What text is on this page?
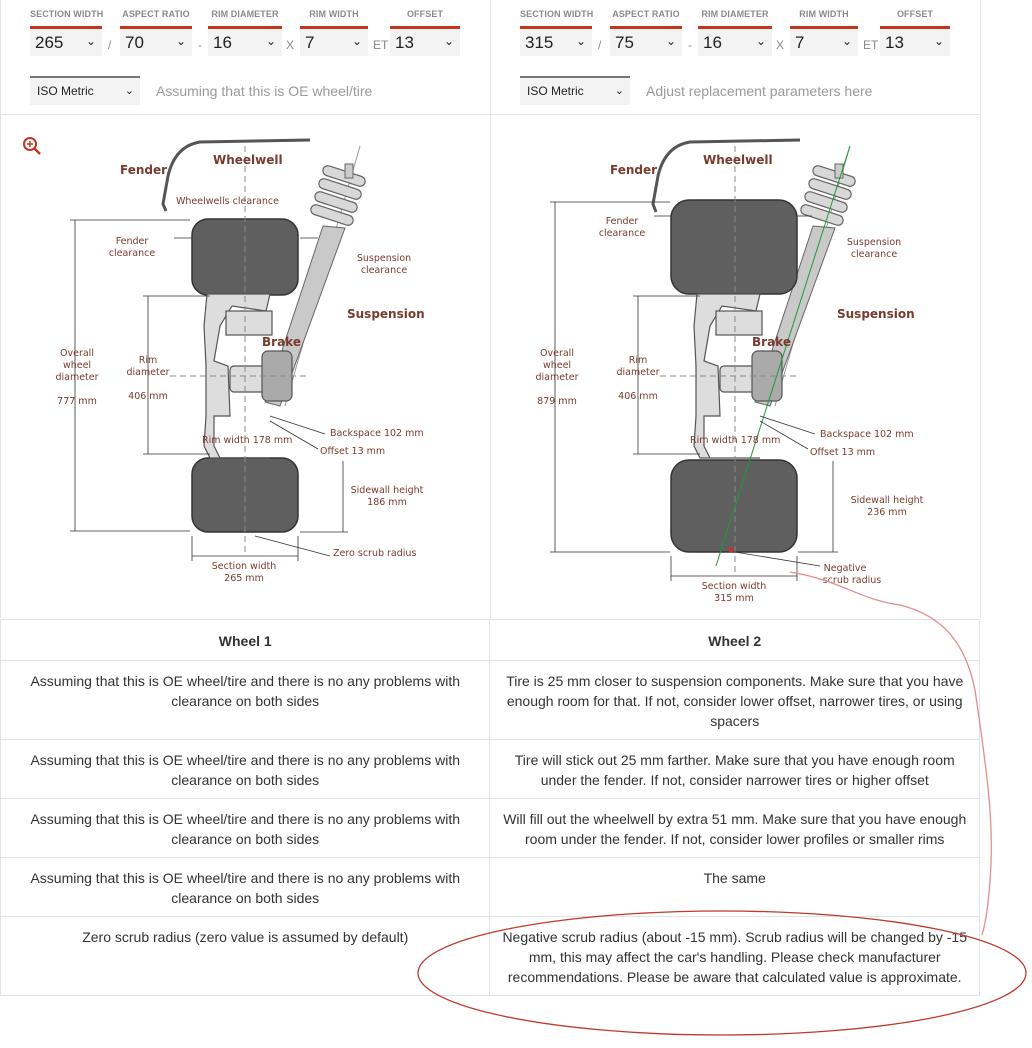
SECTION WIDTH
265 ⌄ /
ASPECT RATIO
70	⌄ -
RIM DIAMETER
16	⌄ X
RIM WIDTH
7	⌄ ET
OFFSET
13	⌄
ISO Metric	⌄ Assuming that this is OE wheel/tire
SECTION WIDTH
315 ⌄ /
ASPECT RATIO
75	⌄ -
RIM DIAMETER
16	⌄ X
RIM WIDTH
7	⌄ ET
OFFSET
13	⌄
ISO Metric	⌄ Adjust replacement parameters here
Fender
Wheelwell
Wheelwells clearance
Fender clearance	Suspension clearance
Suspension
Brake
Overall wheel diameter
777 mm
Rim diameter
406 mm
Backspace 102 mm
Rim width 178 mm
Offset 13 mm
Sidewall height 186 mm
Zero scrub radius
Section width 265 mm
Fender
Wheelwell
Fender clearance
Suspension clearance
Suspension
Brake
Overall wheel diameter
879 mm
Rim diameter
406 mm
Backspace 102 mm
Rim width 178 mm
Offset 13 mm
Sidewall height 236 mm
Negative scrub radius
Section width 315 mm
Wheel 1	Wheel 2
Assuming that this is OE wheel/tire and there is no any problems with clearance on both sides	Tire is 25 mm closer to suspension components. Make sure that you have enough room for that. If not, consider lower offset, narrower tires, or using spacers
Assuming that this is OE wheel/tire and there is no any problems with clearance on both sides	Tire will stick out 25 mm farther. Make sure that you have enough room under the fender. If not, consider narrower tires or higher offset
Assuming that this is OE wheel/tire and there is no any problems with clearance on both sides	Will fill out the wheelwell by extra 51 mm. Make sure that you have enough room under the fender. If not, consider lower profiles or smaller rims
Assuming that this is OE wheel/tire and there is no any problems with clearance on both sides	The same
Zero scrub radius (zero value is assumed by default)	Negative scrub radius (about -15 mm). Scrub radius will be changed by -15 mm, this may affect the car's handling. Please check manufacturer recommendations. Please be aware that calculated value is approximate.
